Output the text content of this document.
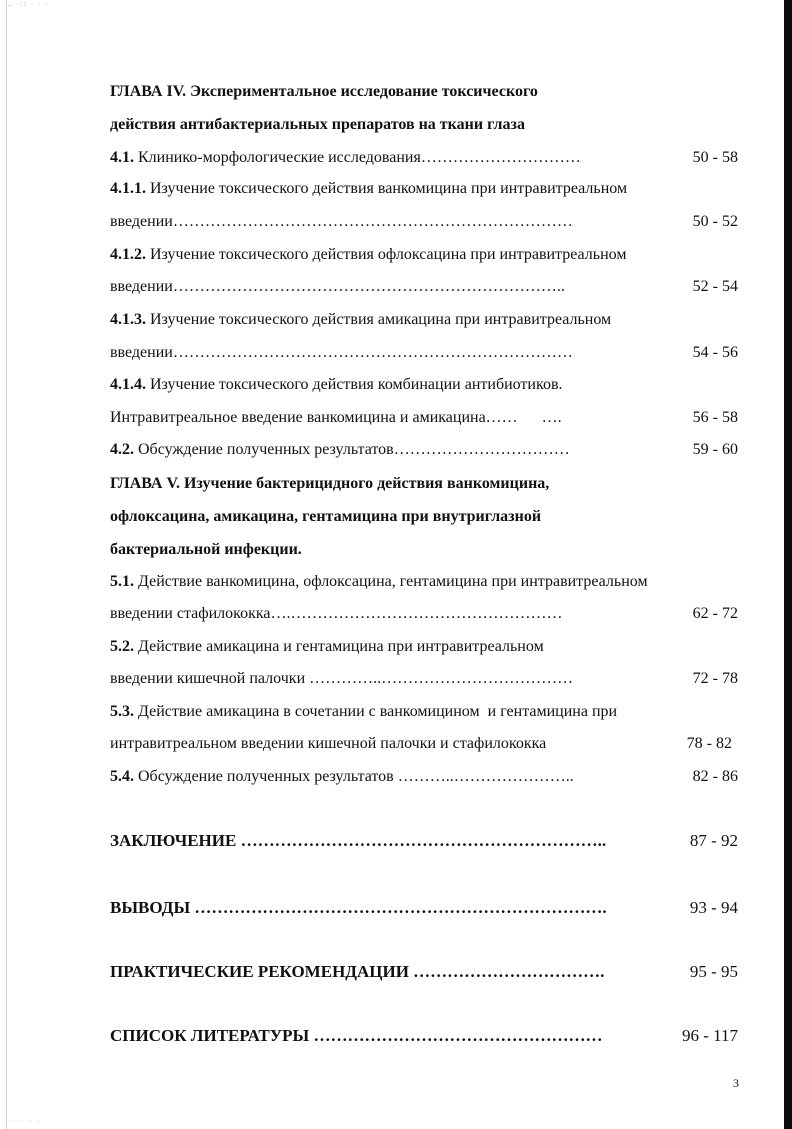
‥ ·:: · · ·
ГЛАВА IV. Экспериментальное исследование токсического
действия антибактериальных препаратов на ткани глаза
4.1. Клинико-морфологические исследования…………………………	50 - 58
4.1.1. Изучение токсического действия ванкомицина при интравитреальном
введении…………………………………………………………………	50 - 52
4.1.2. Изучение токсического действия офлоксацина при интравитреальном
введении………………………………………………………………..	52 - 54
4.1.3. Изучение токсического действия амикацина при интравитреальном
введении…………………………………………………………………	54 - 56
4.1.4. Изучение токсического действия комбинации антибиотиков.
Интравитреальное введение ванкомицина и амикацина……      ….	56 - 58
4.2. Обсуждение полученных результатов……………………………	59 - 60
ГЛАВА V. Изучение бактерицидного действия ванкомицина,
офлоксацина, амикацина, гентамицина при внутриглазной
бактериальной инфекции.
5.1. Действие ванкомицина, офлоксацина, гентамицина при интравитреальном
введении стафилококка….……………………………………………	62 - 72
5.2. Действие амикацина и гентамицина при интравитреальном
введении кишечной палочки …………..………………………………	72 - 78
5.3. Действие амикацина в сочетании с ванкомицином  и гентамицина при
интравитреальном введении кишечной палочки и стафилококка	78 - 82
5.4. Обсуждение полученных результатов ………..…………………..	82 - 86
ЗАКЛЮЧЕНИЕ ………………………………………………………..	87 - 92
ВЫВОДЫ ……………………………………………………………….	93 - 94
ПРАКТИЧЕСКИЕ РЕКОМЕНДАЦИИ …………………………….	95 - 95
СПИСОК ЛИТЕРАТУРЫ ……………………………………………	96 - 117
3
···· ·· ·
